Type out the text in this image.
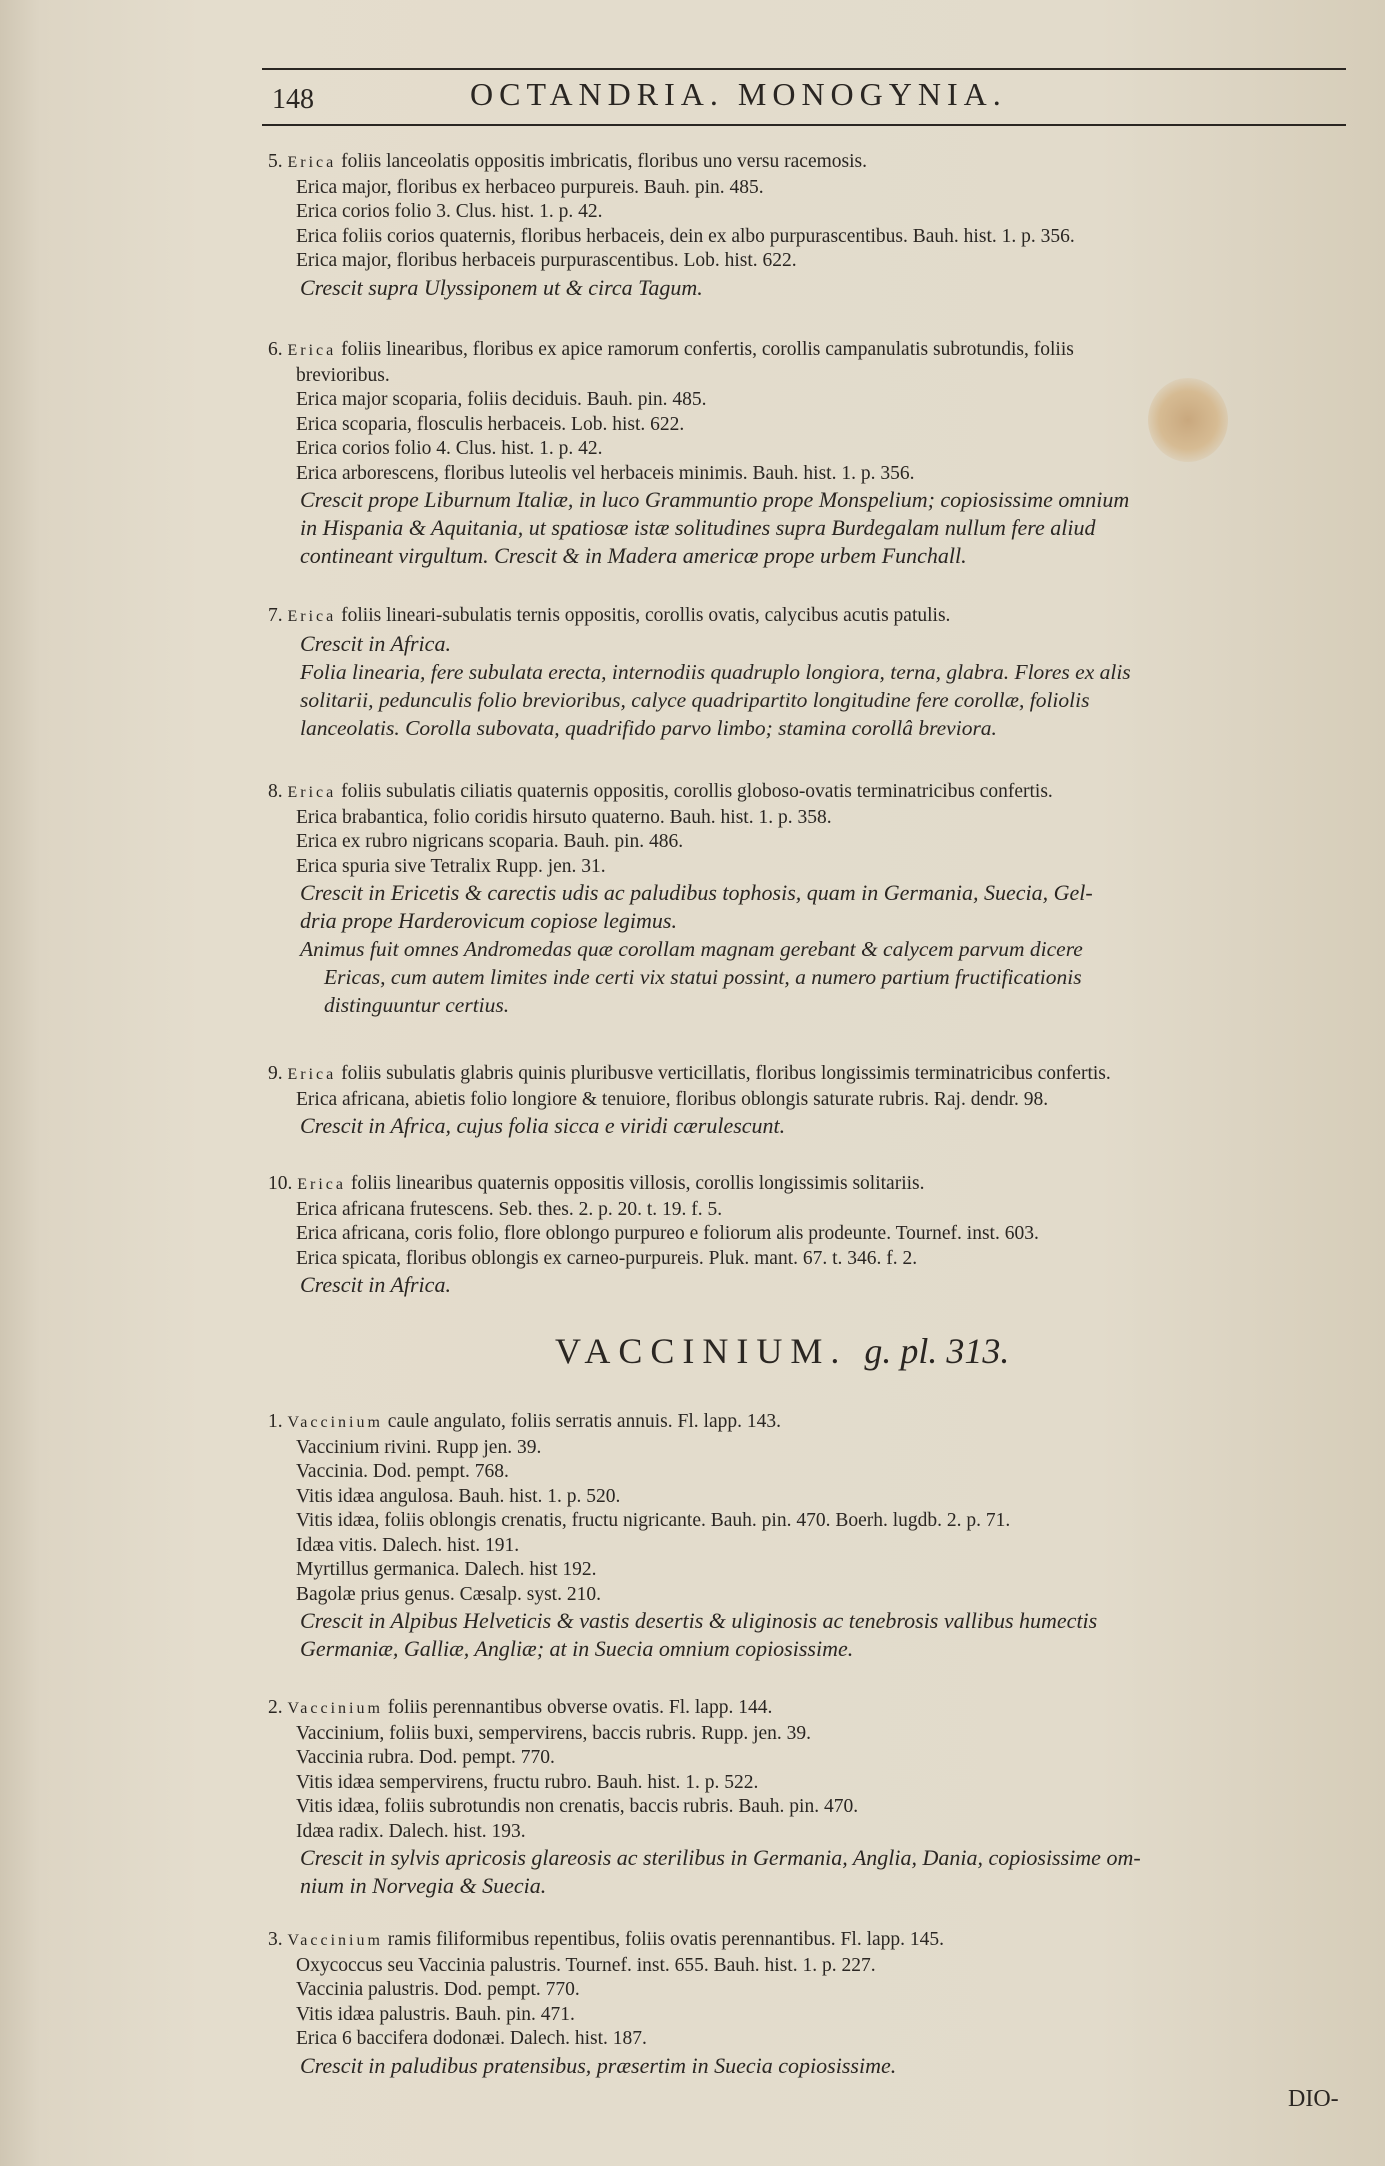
148	OCTANDRIA. MONOGYNIA.
5. Erica foliis lanceolatis oppositis imbricatis, floribus uno versu racemosis.
Erica major, floribus ex herbaceo purpureis. Bauh. pin. 485.
Erica corios folio 3. Clus. hist. 1. p. 42.
Erica foliis corios quaternis, floribus herbaceis, dein ex albo purpurascentibus. Bauh. hist. 1. p. 356.
Erica major, floribus herbaceis purpurascentibus. Lob. hist. 622.
Crescit supra Ulyssiponem ut & circa Tagum.
6. Erica foliis linearibus, floribus ex apice ramorum confertis, corollis campanulatis subrotundis, foliis
brevioribus.
Erica major scoparia, foliis deciduis. Bauh. pin. 485.
Erica scoparia, flosculis herbaceis. Lob. hist. 622.
Erica corios folio 4. Clus. hist. 1. p. 42.
Erica arborescens, floribus luteolis vel herbaceis minimis. Bauh. hist. 1. p. 356.
Crescit prope Liburnum Italiæ, in luco Grammuntio prope Monspelium; copiosissime omnium
in Hispania & Aquitania, ut spatiosæ istæ solitudines supra Burdegalam nullum fere aliud
contineant virgultum. Crescit & in Madera americæ prope urbem Funchall.
7. Erica foliis lineari-subulatis ternis oppositis, corollis ovatis, calycibus acutis patulis.
Crescit in Africa.
Folia linearia, fere subulata erecta, internodiis quadruplo longiora, terna, glabra. Flores ex alis
solitarii, pedunculis folio brevioribus, calyce quadripartito longitudine fere corollæ, foliolis
lanceolatis. Corolla subovata, quadrifido parvo limbo; stamina corollâ breviora.
8. Erica foliis subulatis ciliatis quaternis oppositis, corollis globoso-ovatis terminatricibus confertis.
Erica brabantica, folio coridis hirsuto quaterno. Bauh. hist. 1. p. 358.
Erica ex rubro nigricans scoparia. Bauh. pin. 486.
Erica spuria sive Tetralix Rupp. jen. 31.
Crescit in Ericetis & carectis udis ac paludibus tophosis, quam in Germania, Suecia, Gel-
dria prope Harderovicum copiose legimus.
Animus fuit omnes Andromedas quæ corollam magnam gerebant & calycem parvum dicere
Ericas, cum autem limites inde certi vix statui possint, a numero partium fructificationis
distinguuntur certius.
9. Erica foliis subulatis glabris quinis pluribusve verticillatis, floribus longissimis terminatricibus confertis.
Erica africana, abietis folio longiore & tenuiore, floribus oblongis saturate rubris. Raj. dendr. 98.
Crescit in Africa, cujus folia sicca e viridi cærulescunt.
10. Erica foliis linearibus quaternis oppositis villosis, corollis longissimis solitariis.
Erica africana frutescens. Seb. thes. 2. p. 20. t. 19. f. 5.
Erica africana, coris folio, flore oblongo purpureo e foliorum alis prodeunte. Tournef. inst. 603.
Erica spicata, floribus oblongis ex carneo-purpureis. Pluk. mant. 67. t. 346. f. 2.
Crescit in Africa.
VACCINIUM. g. pl. 313.
1. Vaccinium caule angulato, foliis serratis annuis. Fl. lapp. 143.
Vaccinium rivini. Rupp jen. 39.
Vaccinia. Dod. pempt. 768.
Vitis idæa angulosa. Bauh. hist. 1. p. 520.
Vitis idæa, foliis oblongis crenatis, fructu nigricante. Bauh. pin. 470. Boerh. lugdb. 2. p. 71.
Idæa vitis. Dalech. hist. 191.
Myrtillus germanica. Dalech. hist 192.
Bagolæ prius genus. Cæsalp. syst. 210.
Crescit in Alpibus Helveticis & vastis desertis & uliginosis ac tenebrosis vallibus humectis
Germaniæ, Galliæ, Angliæ; at in Suecia omnium copiosissime.
2. Vaccinium foliis perennantibus obverse ovatis. Fl. lapp. 144.
Vaccinium, foliis buxi, sempervirens, baccis rubris. Rupp. jen. 39.
Vaccinia rubra. Dod. pempt. 770.
Vitis idæa sempervirens, fructu rubro. Bauh. hist. 1. p. 522.
Vitis idæa, foliis subrotundis non crenatis, baccis rubris. Bauh. pin. 470.
Idæa radix. Dalech. hist. 193.
Crescit in sylvis apricosis glareosis ac sterilibus in Germania, Anglia, Dania, copiosissime om-
nium in Norvegia & Suecia.
3. Vaccinium ramis filiformibus repentibus, foliis ovatis perennantibus. Fl. lapp. 145.
Oxycoccus seu Vaccinia palustris. Tournef. inst. 655. Bauh. hist. 1. p. 227.
Vaccinia palustris. Dod. pempt. 770.
Vitis idæa palustris. Bauh. pin. 471.
Erica 6 baccifera dodonæi. Dalech. hist. 187.
Crescit in paludibus pratensibus, præsertim in Suecia copiosissime.
DIO-
